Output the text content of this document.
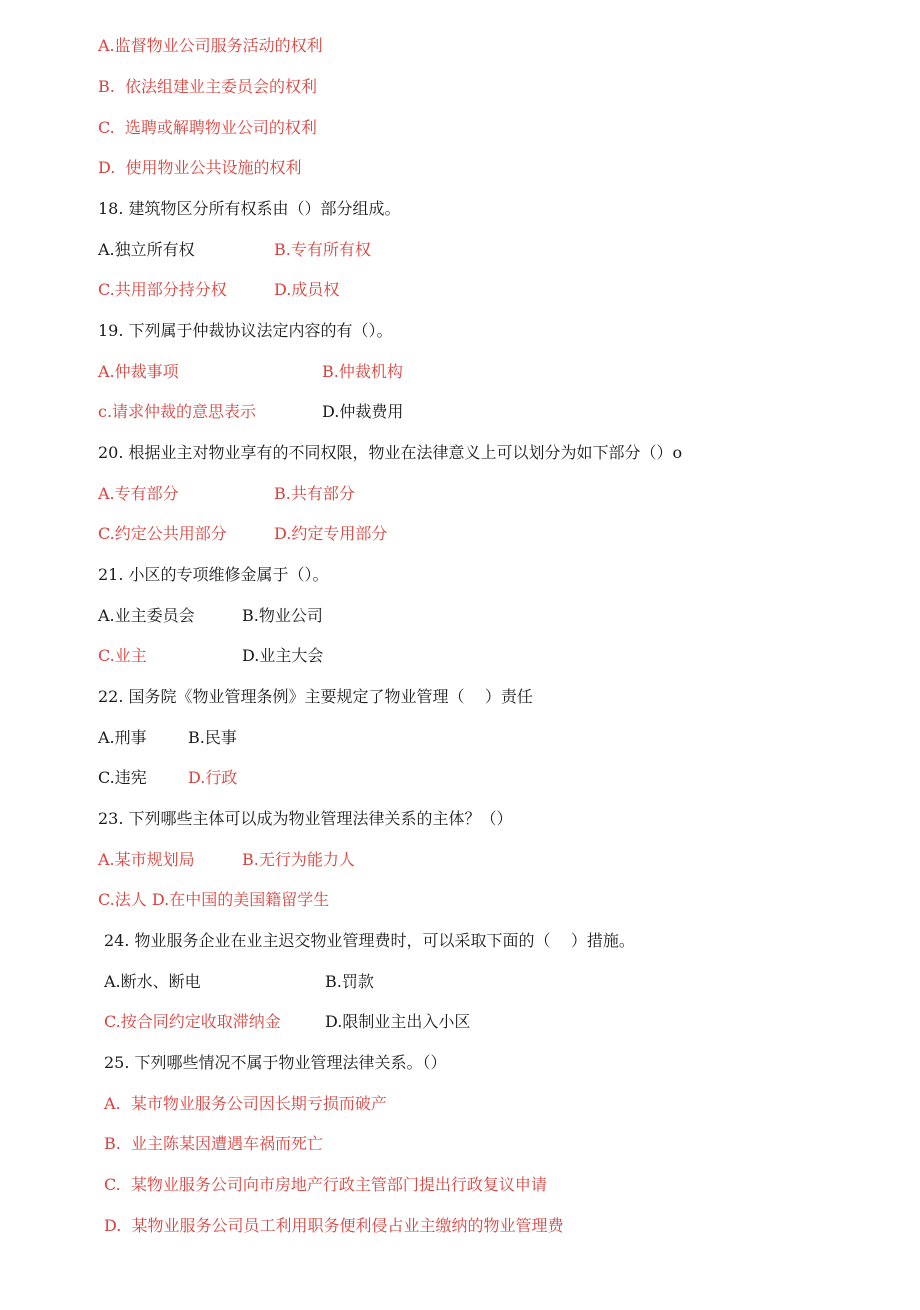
A.监督物业公司服务活动的权利
B.  依法组建业主委员会的权利
C.  选聘或解聘物业公司的权利
D.  使用物业公共设施的权利
18. 建筑物区分所有权系由（）部分组成。

A.独立所有权

	B.专有所有权

C.共用部分持分权

	D.成员权

19. 下列属于仲裁协议法定内容的有（）。

A.仲裁事项

	B.仲裁机构

c.请求仲裁的意思表示

	D.仲裁费用

20. 根据业主对物业享有的不同权限，物业在法律意义上可以划分为如下部分（）o

A.专有部分

	B.共有部分

C.约定公共用部分

	D.约定专用部分

21. 小区的专项维修金属于（）。

A.业主委员会

	B.物业公司

C.业主

	D.业主大会

22. 国务院《物业管理条例》主要规定了物业管理（    ）责任

A.刑事

	B.民事

C.违宪

	D.行政

23. 下列哪些主体可以成为物业管理法律关系的主体？（）

A.某市规划局

	B.无行为能力人

C.法人 D.在中国的美国籍留学生
24. 物业服务企业在业主迟交物业管理费时，可以采取下面的（    ）措施。

A.断水、断电

	B.罚款

C.按合同约定收取滞纳金

	D.限制业主出入小区

25. 下列哪些情况不属于物业管理法律关系。（）
A.  某市物业服务公司因长期亏损而破产
B.  业主陈某因遭遇车祸而死亡
C.  某物业服务公司向市房地产行政主管部门提出行政复议申请
D.  某物业服务公司员工利用职务便利侵占业主缴纳的物业管理费
